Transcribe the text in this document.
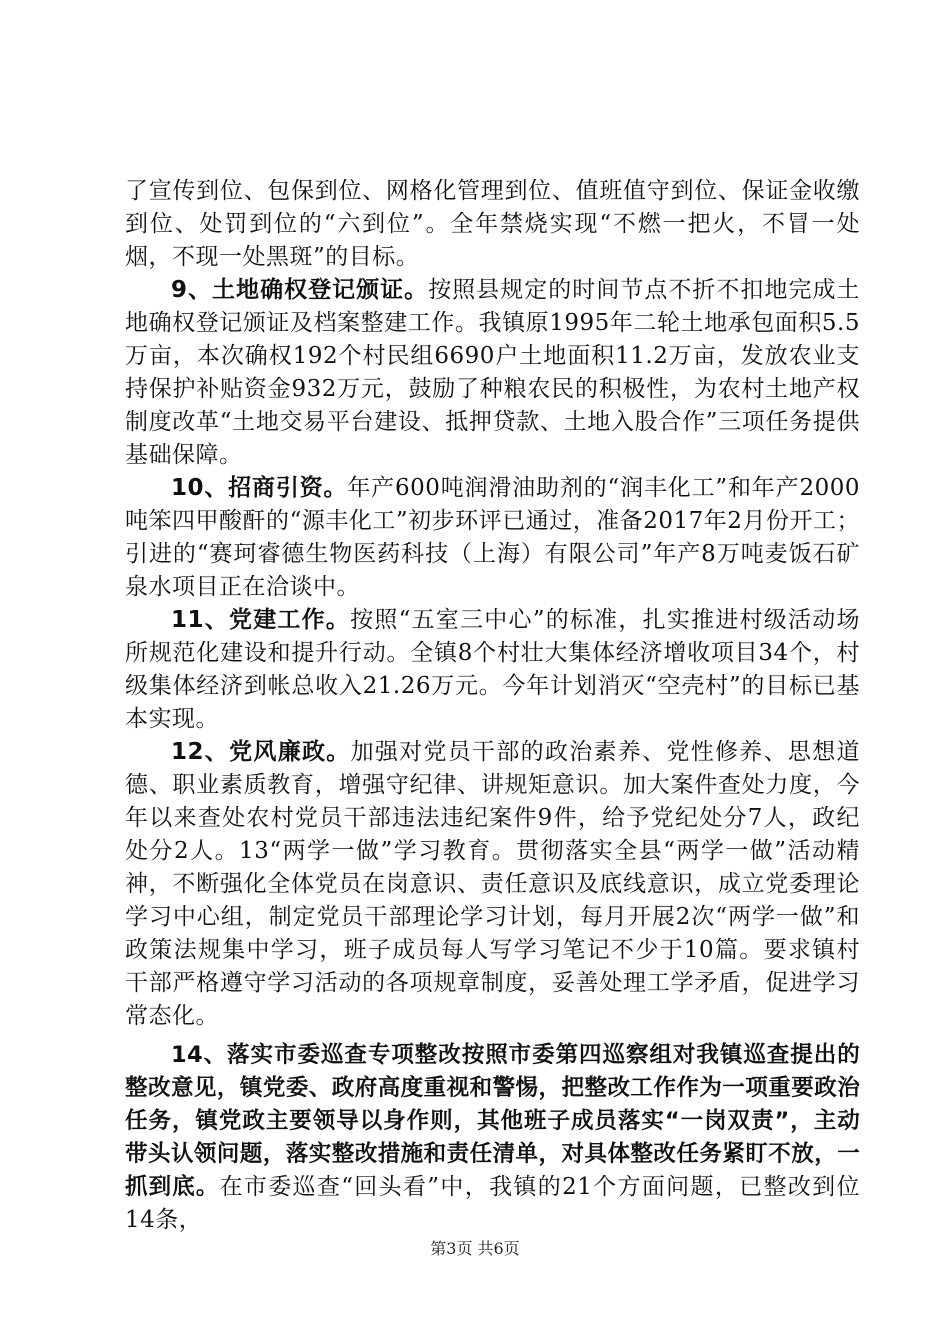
了宣传到位、包保到位、网格化管理到位、值班值守到位、保证金收缴到位、处罚到位的“六到位”。全年禁烧实现“不燃一把火，不冒一处烟，不现一处黑斑”的目标。

9、土地确权登记颁证。按照县规定的时间节点不折不扣地完成土地确权登记颁证及档案整建工作。我镇原1995年二轮土地承包面积5.5万亩，本次确权192个村民组6690户土地面积11.2万亩，发放农业支持保护补贴资金932万元，鼓励了种粮农民的积极性，为农村土地产权制度改革“土地交易平台建设、抵押贷款、土地入股合作”三项任务提供基础保障。

10、招商引资。年产600吨润滑油助剂的“润丰化工”和年产2000吨笨四甲酸酐的“源丰化工”初步环评已通过，准备2017年2月份开工；引进的“赛珂睿德生物医药科技（上海）有限公司”年产8万吨麦饭石矿泉水项目正在洽谈中。

11、党建工作。按照“五室三中心”的标准，扎实推进村级活动场所规范化建设和提升行动。全镇8个村壮大集体经济增收项目34个，村级集体经济到帐总收入21.26万元。今年计划消灭“空壳村”的目标已基本实现。

12、党风廉政。加强对党员干部的政治素养、党性修养、思想道德、职业素质教育，增强守纪律、讲规矩意识。加大案件查处力度，今年以来查处农村党员干部违法违纪案件9件，给予党纪处分7人，政纪处分2人。13“两学一做”学习教育。贯彻落实全县“两学一做”活动精神，不断强化全体党员在岗意识、责任意识及底线意识，成立党委理论学习中心组，制定党员干部理论学习计划，每月开展2次“两学一做”和政策法规集中学习，班子成员每人写学习笔记不少于10篇。要求镇村干部严格遵守学习活动的各项规章制度，妥善处理工学矛盾，促进学习常态化。

14、落实市委巡查专项整改按照市委第四巡察组对我镇巡查提出的整改意见，镇党委、政府高度重视和警惕，把整改工作作为一项重要政治任务，镇党政主要领导以身作则，其他班子成员落实“一岗双责”，主动带头认领问题，落实整改措施和责任清单，对具体整改任务紧盯不放，一抓到底。在市委巡查“回头看”中，我镇的21个方面问题，已整改到位14条，

第3页 共6页
